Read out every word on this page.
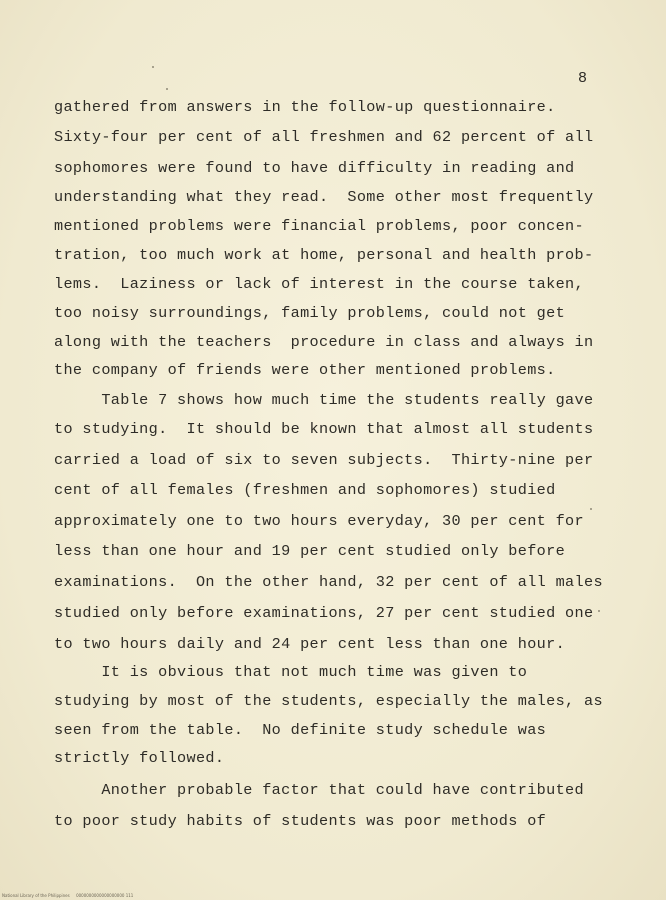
8
gathered from answers in the follow-up questionnaire.
Sixty-four per cent of all freshmen and 62 percent of all
sophomores were found to have difficulty in reading and
understanding what they read.  Some other most frequently
mentioned problems were financial problems, poor concen-
tration, too much work at home, personal and health prob-
lems.  Laziness or lack of interest in the course taken,
too noisy surroundings, family problems, could not get
along with the teachers  procedure in class and always in
the company of friends were other mentioned problems.
Table 7 shows how much time the students really gave
to studying.  It should be known that almost all students
carried a load of six to seven subjects.  Thirty-nine per
cent of all females (freshmen and sophomores) studied
approximately one to two hours everyday, 30 per cent for
less than one hour and 19 per cent studied only before
examinations.  On the other hand, 32 per cent of all males
studied only before examinations, 27 per cent studied one
to two hours daily and 24 per cent less than one hour.
It is obvious that not much time was given to
studying by most of the students, especially the males, as
seen from the table.  No definite study schedule was
strictly followed.
Another probable factor that could have contributed
to poor study habits of students was poor methods of
National Library of the Philippines     0000000000000000000 111
